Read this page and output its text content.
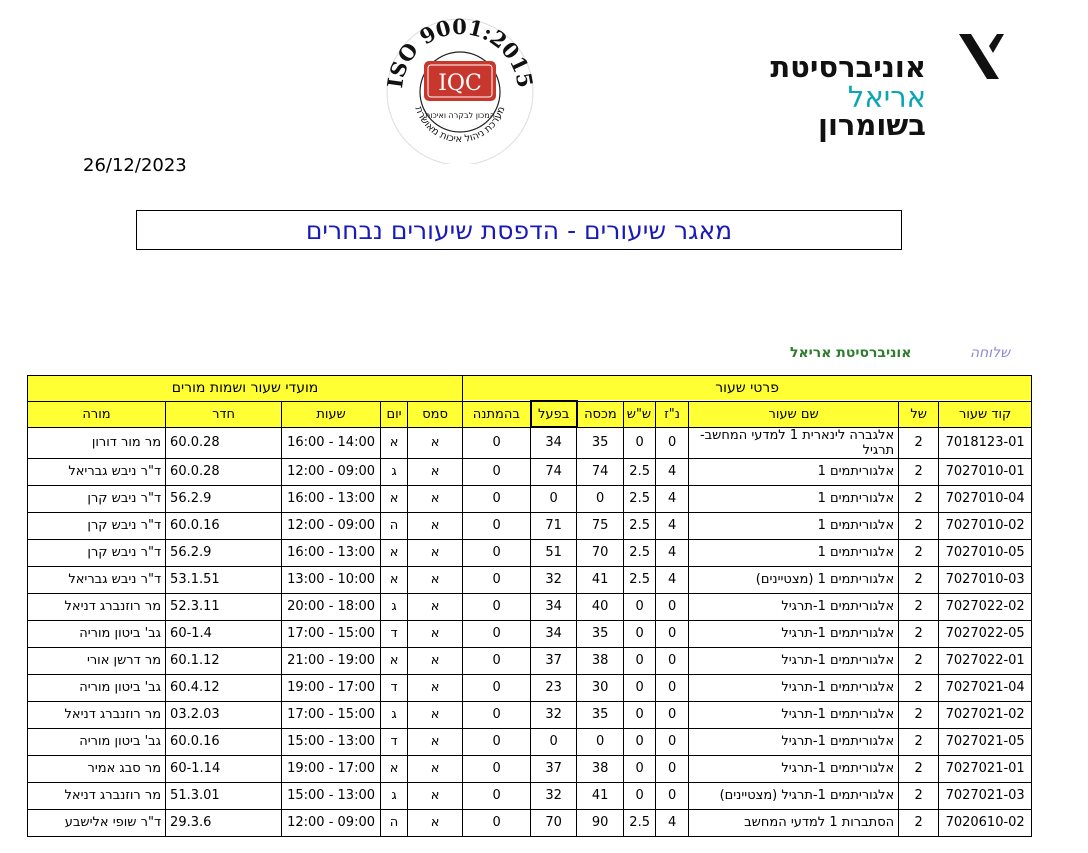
אוניברסיטת
אריאל
בשומרון
ISO 9001:2015
IQC
המכון לבקרה ואיכות
מערכת ניהול איכות מאושרת
26/12/2023
מאגר שיעורים - הדפסת שיעורים נבחרים
שלוחה
אוניברסיטת אריאל
פרטי שעור								מועדי שעור ושמות מורים				
קוד שעור	של	שם שעור	נ"ז	ש"ש	מכסה	בפעל	בהמתנה	סמס	יום	שעות	חדר	מורה
7018123-01	2	אלגברה לינארית 1 למדעי המחשב- תרגיל	0	0	35	34	0	א	א	14:00 - 16:00	60.0.28	מר מור דורון
7027010-01	2	אלגוריתמים 1	4	2.5	74	74	0	א	ג	09:00 - 12:00	60.0.28	ד"ר ניבש גבריאל
7027010-04	2	אלגוריתמים 1	4	2.5	0	0	0	א	א	13:00 - 16:00	56.2.9	ד"ר ניבש קרן
7027010-02	2	אלגוריתמים 1	4	2.5	75	71	0	א	ה	09:00 - 12:00	60.0.16	ד"ר ניבש קרן
7027010-05	2	אלגוריתמים 1	4	2.5	70	51	0	א	א	13:00 - 16:00	56.2.9	ד"ר ניבש קרן
7027010-03	2	אלגוריתמים 1 (מצטיינים)	4	2.5	41	32	0	א	א	10:00 - 13:00	53.1.51	ד"ר ניבש גבריאל
7027022-02	2	אלגוריתמים 1-תרגיל	0	0	40	34	0	א	ג	18:00 - 20:00	52.3.11	מר רוזנברג דניאל
7027022-05	2	אלגוריתמים 1-תרגיל	0	0	35	34	0	א	ד	15:00 - 17:00	60-1.4	גב' ביטון מוריה
7027022-01	2	אלגוריתמים 1-תרגיל	0	0	38	37	0	א	א	19:00 - 21:00	60.1.12	מר דרשן אורי
7027021-04	2	אלגוריתמים 1-תרגיל	0	0	30	23	0	א	ד	17:00 - 19:00	60.4.12	גב' ביטון מוריה
7027021-02	2	אלגוריתמים 1-תרגיל	0	0	35	32	0	א	ג	15:00 - 17:00	03.2.03	מר רוזנברג דניאל
7027021-05	2	אלגוריתמים 1-תרגיל	0	0	0	0	0	א	ד	13:00 - 15:00	60.0.16	גב' ביטון מוריה
7027021-01	2	אלגוריתמים 1-תרגיל	0	0	38	37	0	א	א	17:00 - 19:00	60-1.14	מר סבג אמיר
7027021-03	2	אלגוריתמים 1-תרגיל (מצטיינים)	0	0	41	32	0	א	ג	13:00 - 15:00	51.3.01	מר רוזנברג דניאל
7020610-02	2	הסתברות 1 למדעי המחשב	4	2.5	90	70	0	א	ה	09:00 - 12:00	29.3.6	ד"ר שופי אלישבע
